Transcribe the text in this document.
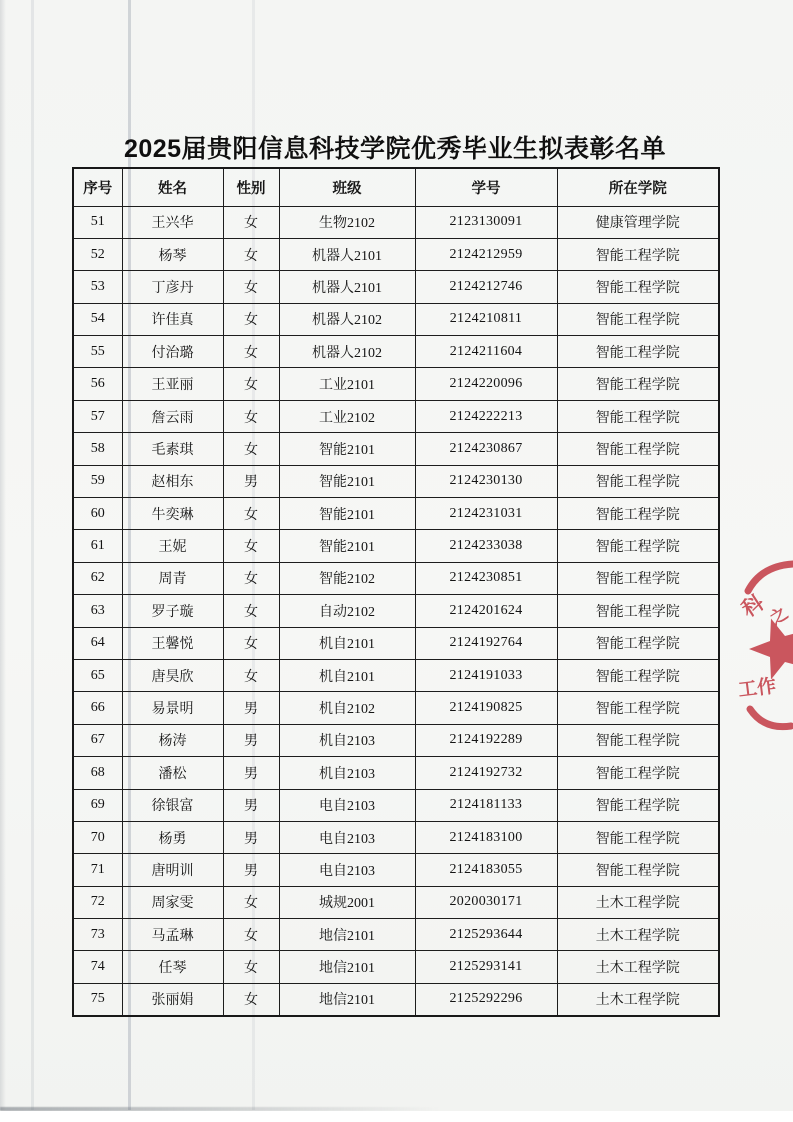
2025届贵阳信息科技学院优秀毕业生拟表彰名单
序号	姓名	性别	班级	学号	所在学院
51	王兴华	女	生物2102	2123130091	健康管理学院
52	杨琴	女	机器人2101	2124212959	智能工程学院
53	丁彦丹	女	机器人2101	2124212746	智能工程学院
54	许佳真	女	机器人2102	2124210811	智能工程学院
55	付治璐	女	机器人2102	2124211604	智能工程学院
56	王亚丽	女	工业2101	2124220096	智能工程学院
57	詹云雨	女	工业2102	2124222213	智能工程学院
58	毛素琪	女	智能2101	2124230867	智能工程学院
59	赵相东	男	智能2101	2124230130	智能工程学院
60	牛奕琳	女	智能2101	2124231031	智能工程学院
61	王妮	女	智能2101	2124233038	智能工程学院
62	周青	女	智能2102	2124230851	智能工程学院
63	罗子璇	女	自动2102	2124201624	智能工程学院
64	王馨悦	女	机自2101	2124192764	智能工程学院
65	唐昊欣	女	机自2101	2124191033	智能工程学院
66	易景明	男	机自2102	2124190825	智能工程学院
67	杨涛	男	机自2103	2124192289	智能工程学院
68	潘松	男	机自2103	2124192732	智能工程学院
69	徐银富	男	电自2103	2124181133	智能工程学院
70	杨勇	男	电自2103	2124183100	智能工程学院
71	唐明训	男	电自2103	2124183055	智能工程学院
72	周家雯	女	城规2001	2020030171	土木工程学院
73	马孟琳	女	地信2101	2125293644	土木工程学院
74	任琴	女	地信2101	2125293141	土木工程学院
75	张丽娟	女	地信2101	2125292296	土木工程学院
科
之
工作
